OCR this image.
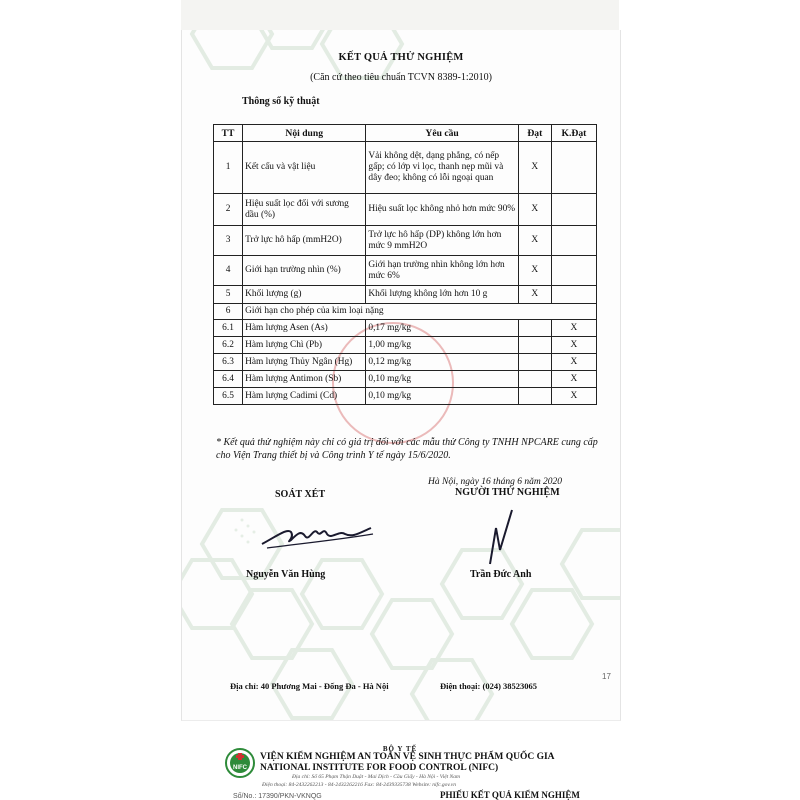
KẾT QUẢ THỬ NGHIỆM
(Căn cứ theo tiêu chuẩn TCVN 8389-1:2010)
Thông số kỹ thuật
TT	Nội dung	Yêu cầu	Đạt	K.Đạt
1	Kết cấu và vật liệu	Vải không dệt, dạng phẳng, có nếp gấp; có lớp vi lọc, thanh nẹp mũi và dây đeo; không có lỗi ngoại quan	X	
2	Hiệu suất lọc đối với sương dầu (%)	Hiệu suất lọc không nhỏ hơn mức 90%	X	
3	Trở lực hô hấp (mmH2O)	Trở lực hô hấp (DP) không lớn hơn mức 9 mmH2O	X	
4	Giới hạn trường nhìn (%)	Giới hạn trường nhìn không lớn hơn mức 6%	X	
5	Khối lượng (g)	Khối lượng không lớn hơn 10 g	X	
6	Giới hạn cho phép của kim loại nặng			
6.1	Hàm lượng Asen (As)	0,17 mg/kg		X
6.2	Hàm lượng Chì (Pb)	1,00 mg/kg		X
6.3	Hàm lượng Thủy Ngân (Hg)	0,12 mg/kg		X
6.4	Hàm lượng Antimon (Sb)	0,10 mg/kg		X
6.5	Hàm lượng Cadimi (Cd)	0,10 mg/kg		X
* Kết quả thử nghiệm này chỉ có giá trị đối với các mẫu thử Công ty TNHH NPCARE cung cấp cho Viện Trang thiết bị và Công trình Y tế ngày 15/6/2020.
Hà Nội, ngày 16 tháng 6 năm 2020
SOÁT XÉT	NGƯỜI THỬ NGHIỆM
Nguyễn Văn Hùng	Trần Đức Anh
17
Địa chỉ: 40 Phương Mai - Đống Đa - Hà Nội	Điện thoại: (024) 38523065
BỘ Y TẾ
NIFC
VIỆN KIỂM NGHIỆM AN TOÀN VỆ SINH THỰC PHẨM QUỐC GIA
NATIONAL INSTITUTE FOR FOOD CONTROL (NIFC)
Địa chỉ: Số 65 Phạm Thận Duật - Mai Dịch - Cầu Giấy - Hà Nội - Việt Nam
Điện thoại: 84-2432262213 - 84-2432262216 Fax: 84-2439335738 Website: nifc.gov.vn
Số/No.: 17390/PKN-VKNQG	PHIẾU KẾT QUẢ KIỂM NGHIỆM
